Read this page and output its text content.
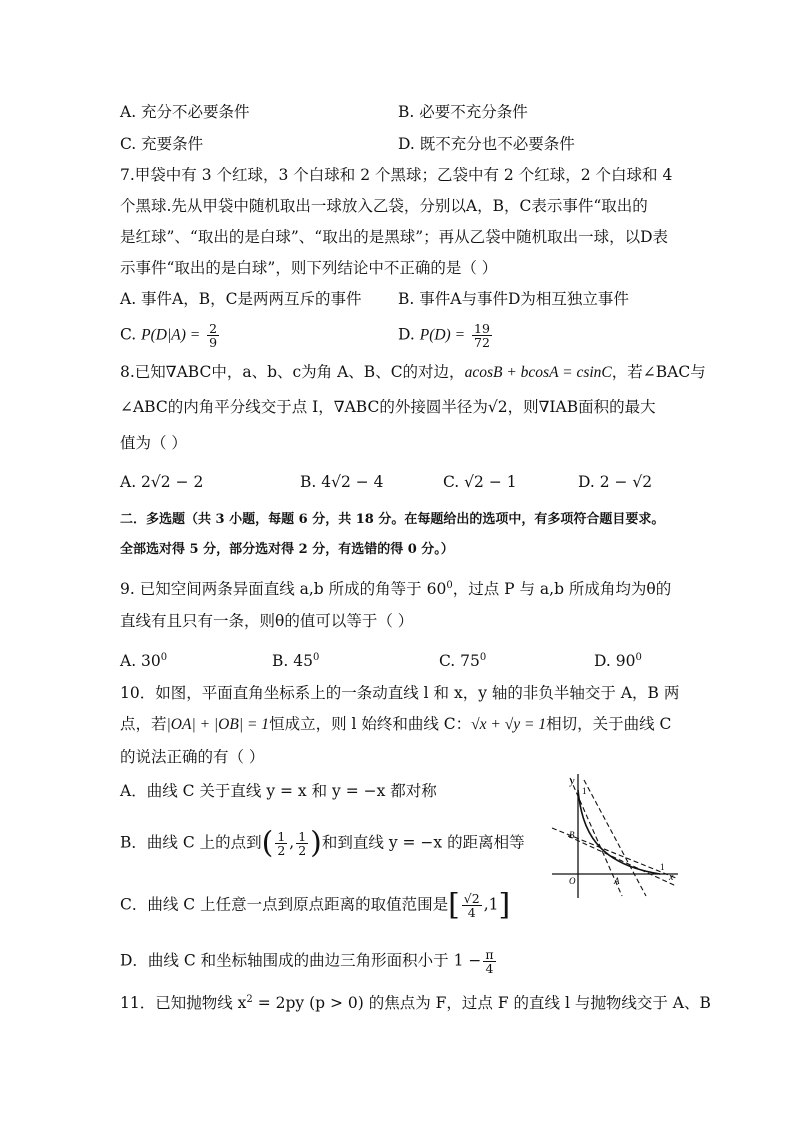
A. 充分不必要条件	B. 必要不充分条件
C. 充要条件	D. 既不充分也不必要条件
7.甲袋中有 3 个红球，3 个白球和 2 个黑球；乙袋中有 2 个红球，2 个白球和 4
个黑球.先从甲袋中随机取出一球放入乙袋，分别以A，B，C表示事件“取出的
是红球”、“取出的是白球”、“取出的是黑球”；再从乙袋中随机取出一球，以D表
示事件“取出的是白球”，则下列结论中不正确的是（ ）
A. 事件A，B，C是两两互斥的事件 B. 事件A与事件D为相互独立事件
C. $P(D|A) = \frac{2}{9}$	D. $P(D) = \frac{19}{72}$
8.已知∇ABC中，a、b、c为角 A、B、C的对边，acosB + bcosA = csinC，若∠BAC与
∠ABC的内角平分线交于点 I，∇ABC的外接圆半径为√2，则∇IAB面积的最大
值为（ ）
A. 2√2 − 2	B. 4√2 − 4	C. √2 − 1	D. 2 − √2
二．多选题（共 3 小题，每题 6 分，共 18 分。在每题给出的选项中，有多项符合题目要求。
全部选对得 5 分，部分选对得 2 分，有选错的得 0 分。）
9. 已知空间两条异面直线 a,b 所成的角等于 $60^0$，过点 P 与 a,b 所成角均为θ的
直线有且只有一条，则θ的值可以等于（ ）
A. $30^0$	B. $45^0$	C. $75^0$	D. $90^0$
10．如图，平面直角坐标系上的一条动直线 l 和 x，y 轴的非负半轴交于 A，B 两
点，若|OA| + |OB| = 1恒成立，则 l 始终和曲线 C：√x + √y = 1相切，关于曲线 C
的说法正确的有（ ）
A．曲线 C 关于直线 y = x 和 y = −x 都对称
B．曲线 C 上的点到( $\frac{1}{2}$ , $\frac{1}{2}$ )和到直线 y = −x 的距离相等
C．曲线 C 上任意一点到原点距离的取值范围是[ $\frac{√2}{4} ,1$]
D．曲线 C 和坐标轴围成的曲边三角形面积小于 $1 - \frac{\pi}{4}$
y
1
B
O	A
1
x
11．已知抛物线 $x^2 = 2py$ (p > 0) 的焦点为 F，过点 F 的直线 l 与抛物线交于 A、B
